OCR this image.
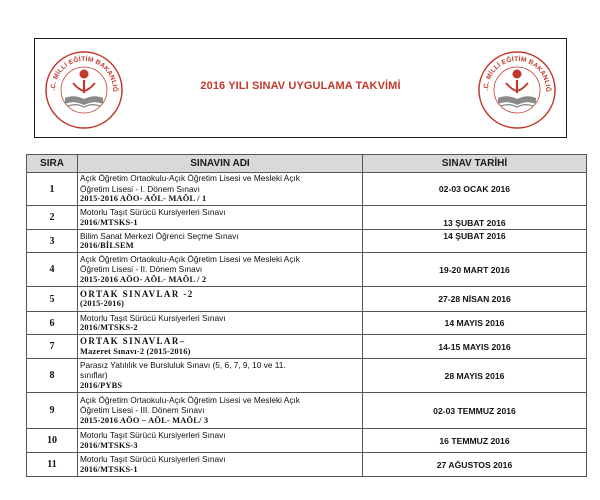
.C. MİLLİ EĞİTİM BAKANLIĞ	2016 YILI SINAV UYGULAMA TAKVİMİ	.C. MİLLİ EĞİTİM BAKANLIĞ
SIRA	SINAVIN ADI	SINAV TARİHİ
1	Açık Öğretim Ortaokulu-Açık Öğretim Lisesi ve Mesleki Açık
Öğretim Lisesi - I. Dönem Sınavı
2015-2016 AÖO- AÖL- MAÖL / 1	02-03 OCAK 2016
2	Motorlu Taşıt Sürücü Kursiyerleri Sınavı
2016/MTSKS-1	13 ŞUBAT 2016
3	Bilim Sanat Merkezi Öğrenci Seçme Sınavı
2016/BİLSEM	14 ŞUBAT 2016
4	Açık Öğretim Ortaokulu-Açık Öğretim Lisesi ve Mesleki Açık
Öğretim Lisesi - II. Dönem Sınavı
2015-2016 AÖO- AÖL- MAÖL / 2	19-20 MART 2016
5	ORTAK SINAVLAR -2
(2015-2016)	27-28 NİSAN 2016
6	Motorlu Taşıt Sürücü Kursiyerleri Sınavı
2016/MTSKS-2	14 MAYIS 2016
7	ORTAK SINAVLAR–
Mazeret Sınavı-2 (2015-2016)	14-15 MAYIS 2016
8	Parasız Yatılılık ve Bursluluk Sınavı (5, 6, 7, 9, 10 ve 11.
sınıflar)
2016/PYBS	28 MAYIS 2016
9	Açık Öğretim Ortaokulu-Açık Öğretim Lisesi ve Mesleki Açık
Öğretim Lisesi - III. Dönem Sınavı
2015-2016 AÖO – AÖL- MAÖL/ 3	02-03 TEMMUZ 2016
10	Motorlu Taşıt Sürücü Kursiyerleri Sınavı
2016/MTSKS-3	16 TEMMUZ 2016
11	Motorlu Taşıt Sürücü Kursiyerleri Sınavı
2016/MTSKS-1	27 AĞUSTOS 2016
